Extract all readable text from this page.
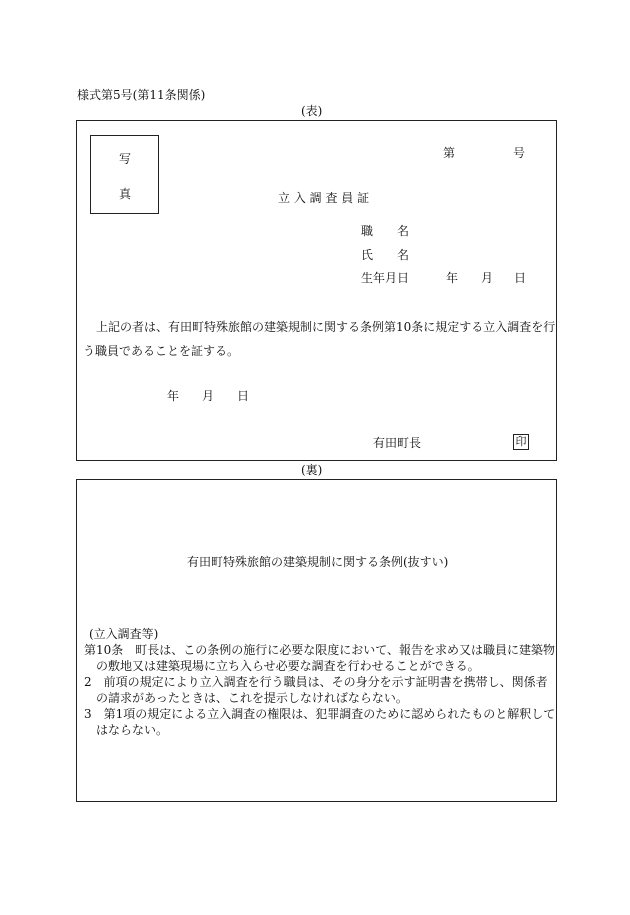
様式第5号(第11条関係)
(表)
写
真
第	号
立 入 調 査 員 証
職　　名
氏　　名
生年月日	年 月 日
上記の者は、有田町特殊旅館の建築規制に関する条例第10条に規定する立入調査を行
う職員であることを証する。
年 月 日
有田町長	印
(裏)
有田町特殊旅館の建築規制に関する条例(抜すい)
(立入調査等)
第10条　町長は、この条例の施行に必要な限度において、報告を求め又は職員に建築物
の敷地又は建築現場に立ち入らせ必要な調査を行わせることができる。
2　前項の規定により立入調査を行う職員は、その身分を示す証明書を携帯し、関係者
の請求があったときは、これを提示しなければならない。
3　第1項の規定による立入調査の権限は、犯罪調査のために認められたものと解釈して
はならない。
